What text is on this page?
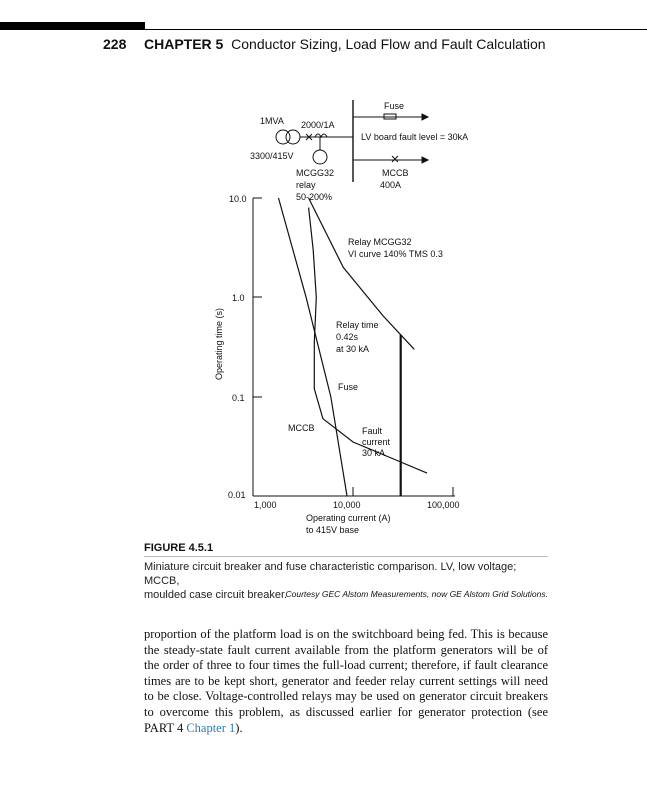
228 CHAPTER 5 Conductor Sizing, Load Flow and Fault Calculation
1MVA 2000/1A
3300/415V
MCGG32
relay
50-200%
Fuse
LV board fault level = 30kA
MCCB
400A
10.0
1.0
0.1
0.01
1,000	10,000	100,000
Operating current (A)
to 415V base
Operating time (s)
Relay MCGG32
VI curve 140% TMS 0.3
Relay time
0.42s
at 30 kA
Fuse
MCCB	Fault
current
30 kA
FIGURE 4.5.1
Miniature circuit breaker and fuse characteristic comparison. LV, low voltage; MCCB,
moulded case circuit breaker.
Courtesy GEC Alstom Measurements, now GE Alstom Grid Solutions.
proportion of the platform load is on the switchboard being fed. This is because the steady-state fault current available from the platform generators will be of the order of three to four times the full-load current; therefore, if fault clearance times are to be kept short, generator and feeder relay current settings will need to be close. Voltage-controlled relays may be used on generator circuit breakers to overcome this problem, as discussed earlier for generator protection (see PART 4 Chapter 1).
